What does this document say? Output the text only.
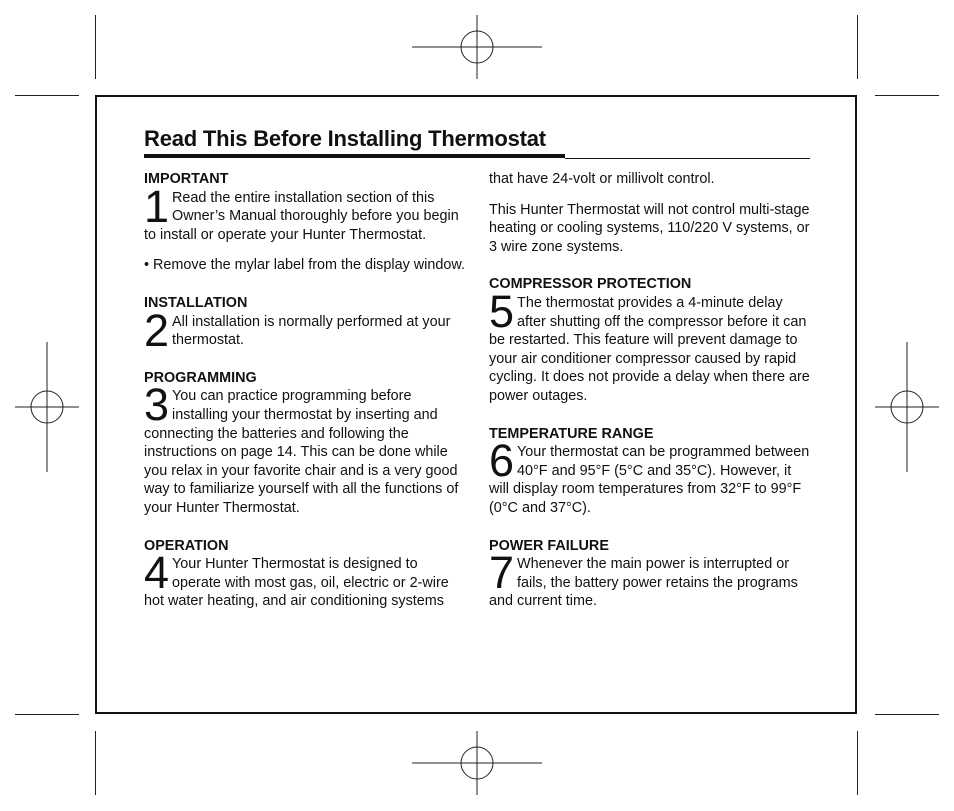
Read This Before Installing Thermostat

IMPORTANT

1 Read the entire installation section of this Owner’s Manual thoroughly before you begin to install or operate your Hunter Thermostat.

• Remove the mylar label from the display window.

INSTALLATION

2 All installation is normally performed at your thermostat.

PROGRAMMING

3 You can practice programming before installing your thermostat by inserting and connecting the batteries and following the instructions on page 14. This can be done while you relax in your favorite chair and is a very good way to familiarize yourself with all the functions of your Hunter Thermostat.

OPERATION

4 Your Hunter Thermostat is designed to operate with most gas, oil, electric or 2-wire hot water heating, and air conditioning systems

that have 24-volt or millivolt control.

This Hunter Thermostat will not control multi-stage heating or cooling systems, 110/220 V systems, or 3 wire zone systems.

COMPRESSOR PROTECTION

5 The thermostat provides a 4-minute delay after shutting off the compressor before it can be restarted. This feature will prevent damage to your air conditioner compressor caused by rapid cycling. It does not provide a delay when there are power outages.

TEMPERATURE RANGE

6 Your thermostat can be programmed between 40°F and 95°F (5°C and 35°C). However, it will display room temperatures from 32°F to 99°F (0°C and 37°C).

POWER FAILURE

7 Whenever the main power is interrupted or fails, the battery power retains the programs and current time.
